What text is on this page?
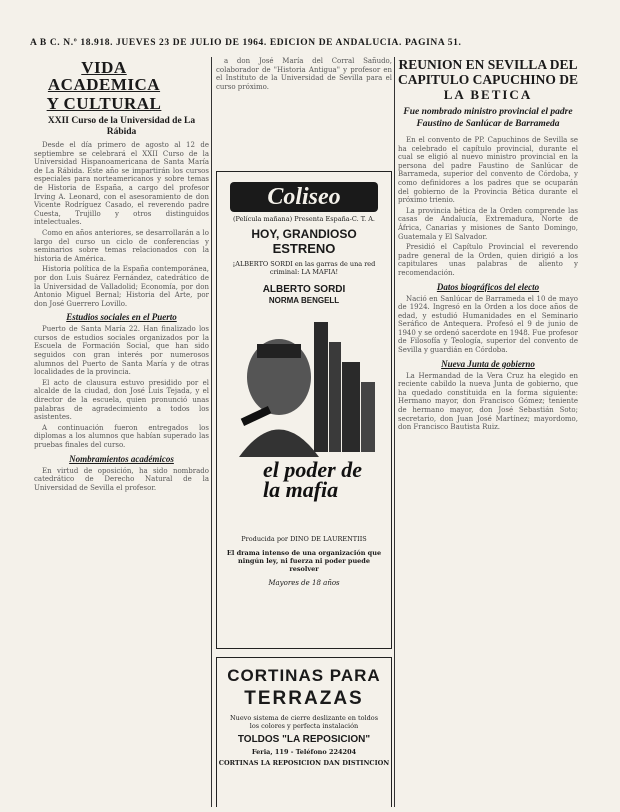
A B C. N.º 18.918. JUEVES 23 DE JULIO DE 1964. EDICION DE ANDALUCIA. PAGINA 51.
VIDA ACADEMICA
Y CULTURAL
XXII Curso de la Universidad de La Rábida

Desde el día primero de agosto al 12 de septiembre se celebrará el XXII Curso de la Universidad Hispanoamericana de Santa María de La Rábida. Este año se impartirán los cursos especiales para norteamericanos y sobre temas de Historia de España, a cargo del profesor Irving A. Leonard, con el asesoramiento de don Vicente Rodríguez Casado, el reverendo padre Cuesta, Trujillo y otros distinguidos intelectuales.

Como en años anteriores, se desarrollarán a lo largo del curso un ciclo de conferencias y seminarios sobre temas relacionados con la historia de América.

Historia política de la España contemporánea, por don Luis Suárez Fernández, catedrático de la Universidad de Valladolid; Economía, por don Antonio Miguel Bernal; Historia del Arte, por don José Guerrero Lovillo.

Estudios sociales en el Puerto

Puerto de Santa María 22. Han finalizado los cursos de estudios sociales organizados por la Escuela de Formación Social, que han sido seguidos con gran interés por numerosos alumnos del Puerto de Santa María y de otras localidades de la provincia.

El acto de clausura estuvo presidido por el alcalde de la ciudad, don José Luis Tejada, y el director de la escuela, quien pronunció unas palabras de agradecimiento a todos los asistentes.

A continuación fueron entregados los diplomas a los alumnos que habían superado las pruebas finales del curso.

Nombramientos académicos

En virtud de oposición, ha sido nombrado catedrático de Derecho Natural de la Universidad de Sevilla el profesor.

a don José María del Corral Sañudo, colaborador de "Historia Antigua" y profesor en el Instituto de la Universidad de Sevilla para el curso próximo.

Coliseo
(Película mañana) Presenta España-C. T. A.
HOY, GRANDIOSO
ESTRENO
¡ALBERTO SORDI en las garras de una red criminal: LA MAFIA!
ALBERTO SORDI
NORMA BENGELL
el poder de la mafia
Producida por DINO DE LAURENTIIS
El drama intenso de una organización que ningún ley, ni fuerza ni poder puede resolver
Mayores de 18 años
CORTINAS PARA
TERRAZAS
Nuevo sistema de cierre deslizante en toldos los colores y perfecta instalación
TOLDOS "LA REPOSICION"
Feria, 119 - Teléfono 224204
CORTINAS LA REPOSICION DAN DISTINCION
REUNION EN SEVILLA DEL
CAPITULO CAPUCHINO DE
LA BETICA
Fue nombrado ministro provincial el padre Faustino de Sanlúcar de Barrameda

En el convento de PP. Capuchinos de Sevilla se ha celebrado el capítulo provincial, durante el cual se eligió al nuevo ministro provincial en la persona del padre Faustino de Sanlúcar de Barrameda, superior del convento de Córdoba, y como definidores a los padres que se ocuparán del gobierno de la Provincia Bética durante el próximo trienio.

La provincia bética de la Orden comprende las casas de Andalucía, Extremadura, Norte de África, Canarias y misiones de Santo Domingo, Guatemala y El Salvador.

Presidió el Capítulo Provincial el reverendo padre general de la Orden, quien dirigió a los capitulares unas palabras de aliento y recomendación.

Datos biográficos del electo

Nació en Sanlúcar de Barrameda el 10 de mayo de 1924. Ingresó en la Orden a los doce años de edad, y estudió Humanidades en el Seminario Seráfico de Antequera. Profesó el 9 de junio de 1940 y se ordenó sacerdote en 1948. Fue profesor de Filosofía y Teología, superior del convento de Sevilla y guardián en Córdoba.

Nueva Junta de gobierno

La Hermandad de la Vera Cruz ha elegido en reciente cabildo la nueva Junta de gobierno, que ha quedado constituida en la forma siguiente: Hermano mayor, don Francisco Gómez; teniente de hermano mayor, don José Sebastián Soto; secretario, don Juan José Martínez; mayordomo, don Francisco Bautista Ruiz.
